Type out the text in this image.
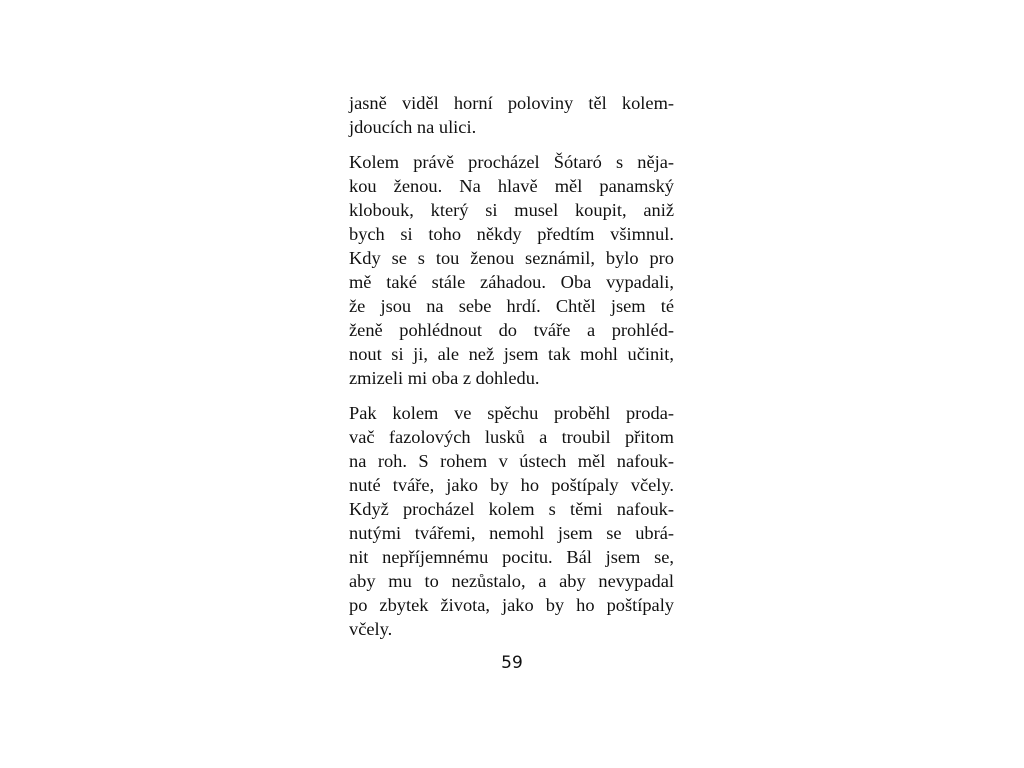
jasně viděl horní poloviny těl kolem-
jdoucích na ulici.

Kolem právě procházel Šótaró s něja-
kou ženou. Na hlavě měl panamský
klobouk, který si musel koupit, aniž
bych si toho někdy předtím všimnul.
Kdy se s tou ženou seznámil, bylo pro
mě také stále záhadou. Oba vypadali,
že jsou na sebe hrdí. Chtěl jsem té
ženě pohlédnout do tváře a prohléd-
nout si ji, ale než jsem tak mohl učinit,
zmizeli mi oba z dohledu.

Pak kolem ve spěchu proběhl proda-
vač fazolových lusků a troubil přitom
na roh. S rohem v ústech měl nafouk-
nuté tváře, jako by ho poštípaly včely.
Když procházel kolem s těmi nafouk-
nutými tvářemi, nemohl jsem se ubrá-
nit nepříjemnému pocitu. Bál jsem se,
aby mu to nezůstalo, a aby nevypadal
po zbytek života, jako by ho poštípaly
včely.

59
